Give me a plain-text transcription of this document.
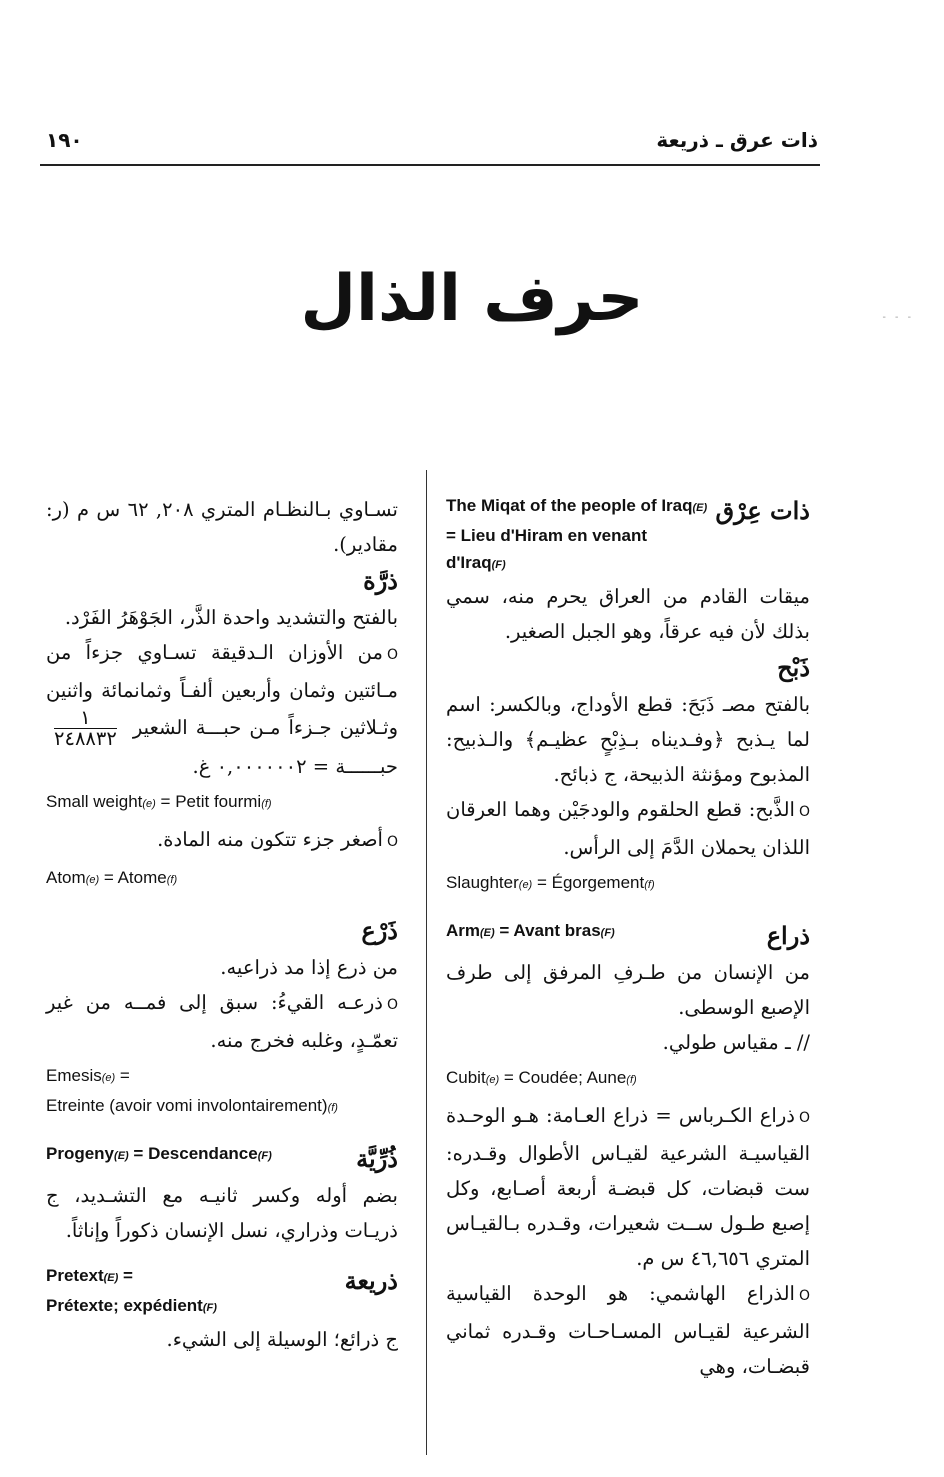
١٩٠	ذات عرق ـ ذريعة
- - -
حرف الذال

The Miqat of the people of Iraq(E) = Lieu d'Hiram en venant d'Iraq(F)

ذات عِرْق

ميقات القادم من العراق يحرم منه، سمي بذلك لأن فيه عرقاً، وهو الجبل الصغير.

ذَبْح

بالفتح مصـ ذَبَحَ: قطع الأوداج، وبالكسر: اسم لما يـذبح ﴿وفـديناه بـذِبْحٍ عظيـم﴾ والـذبيح: المذبوح ومؤنثة الذبيحة، ج ذبائح.

Oالذَّبح: قطع الحلقوم والودجَيْن وهما العرقان اللذان يحملان الدَّمَ إلى الرأس.

Slaughter(e) = Égorgement(f)

Arm(E) = Avant bras(F)	ذراع

من الإنسان من طـرفِ المرفق إلى طرف الإصبع الوسطى.

// ـ مقياس طولي.

Cubit(e) = Coudée; Aune(f)

Oذراع الكـرباس = ذراع العـامة: هـو الوحـدة القياسيـة الشرعية لقيـاس الأطوال وقـدره: ست قبضات، كل قبضـة أربعة أصـابع، وكل إصبع طـول ســت شعيرات، وقـدره بـالقيـاس المتري ٤٦,٦٥٦ س م.

Oالذراع الهاشمي: هو الوحدة القياسية الشرعية لقيـاس المسـاحـات وقـدره ثماني قبضـات، وهي

تسـاوي بـالنظـام المتري ٢٠٨, ٦٢ س م (ر: مقادير).

ذرَّة

بالفتح والتشديد واحدة الذَّر، الجَوْهَرُ الفَرْد.

Oمن الأوزان الـدقيقة تسـاوي جزءاً من مـائتين وثمان وأربعين ألفـاً وثمانمائة واثنين وثـلاثين جـزءاً مـن حبـــة الشعير
$\frac{١}{٢٤٨٨٣٢}حبــــــة$ = ٠,٠٠٠٠٠٠٢ غ.

Small weight(e) = Petit fourmi(f)

Oأصغر جزء تتكون منه المادة.

Atom(e) = Atome(f)

ذَرْع

من ذرع إذا مد ذراعيه.

Oذرعـه القيءُ: سبق إلى فمــه من غير تعمّـدٍ، وغلبه فخرج منه.

Emesis(e) =
Etreinte (avoir vomi involontairement)(f)

Progeny(E) = Descendance(F)	ذُرِّيَّة

بضم أوله وكسر ثانيـه مع التشـديد، ج ذريـات وذراري، نسل الإنسان ذكوراً وإناثاً.

Pretext(E) =
Prétexte; expédient(F)

ذريعة

ج ذرائع؛ الوسيلة إلى الشيء.
